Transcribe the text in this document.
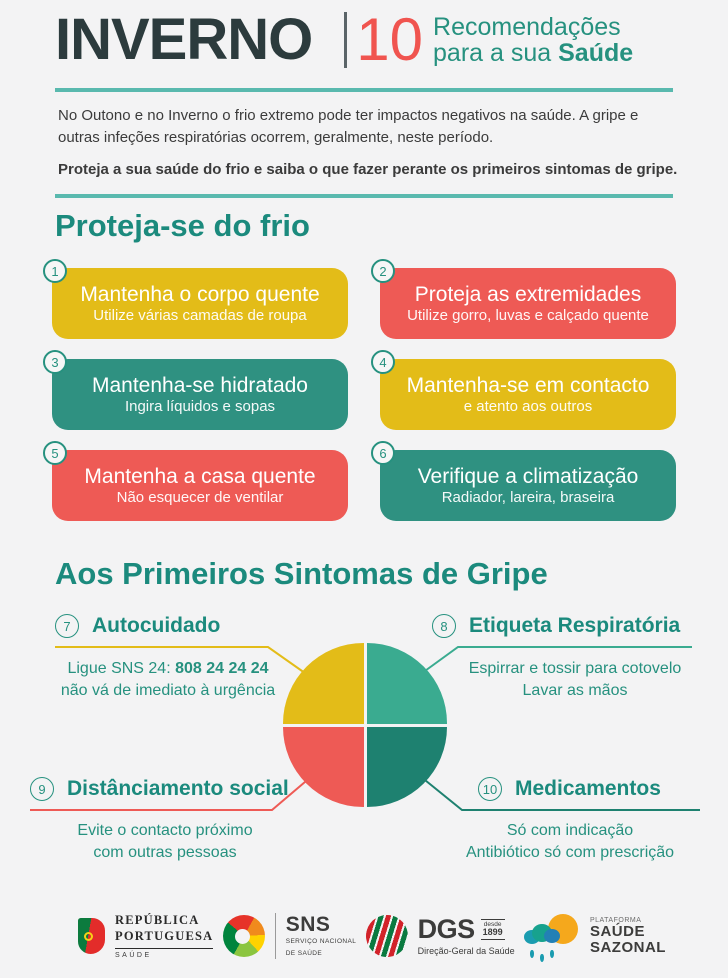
INVERNO 10 Recomendações
para a sua Saúde

No Outono e no Inverno o frio extremo pode ter impactos negativos na saúde. A gripe e outras infeções respiratórias ocorrem, geralmente, neste período.

Proteja a sua saúde do frio e saiba o que fazer perante os primeiros sintomas de gripe.

Proteja-se do frio
1
Mantenha o corpo quente
Utilize várias camadas de roupa
2
Proteja as extremidades
Utilize gorro, luvas e calçado quente
3
Mantenha-se hidratado
Ingira líquidos e sopas
4
Mantenha-se em contacto
e atento aos outros
5
Mantenha a casa quente
Não esquecer de ventilar
6
Verifique a climatização
Radiador, lareira, braseira
Aos Primeiros Sintomas de Gripe
7	Autocuidado
Ligue SNS 24: 808 24 24 24
não vá de imediato à urgência
8	Etiqueta Respiratória
Espirrar e tossir para cotovelo
Lavar as mãos
9	Distânciamento social
Evite o contacto próximo
com outras pessoas
10 Medicamentos
Só com indicação
Antibiótico só com prescrição
REPÚBLICA
PORTUGUESA
SAÚDE
SNS
SERVIÇO NACIONAL
DE SAÚDE
DGS desde
1899
Direção-Geral da Saúde
PLATAFORMA
SAÚDE
SAZONAL
